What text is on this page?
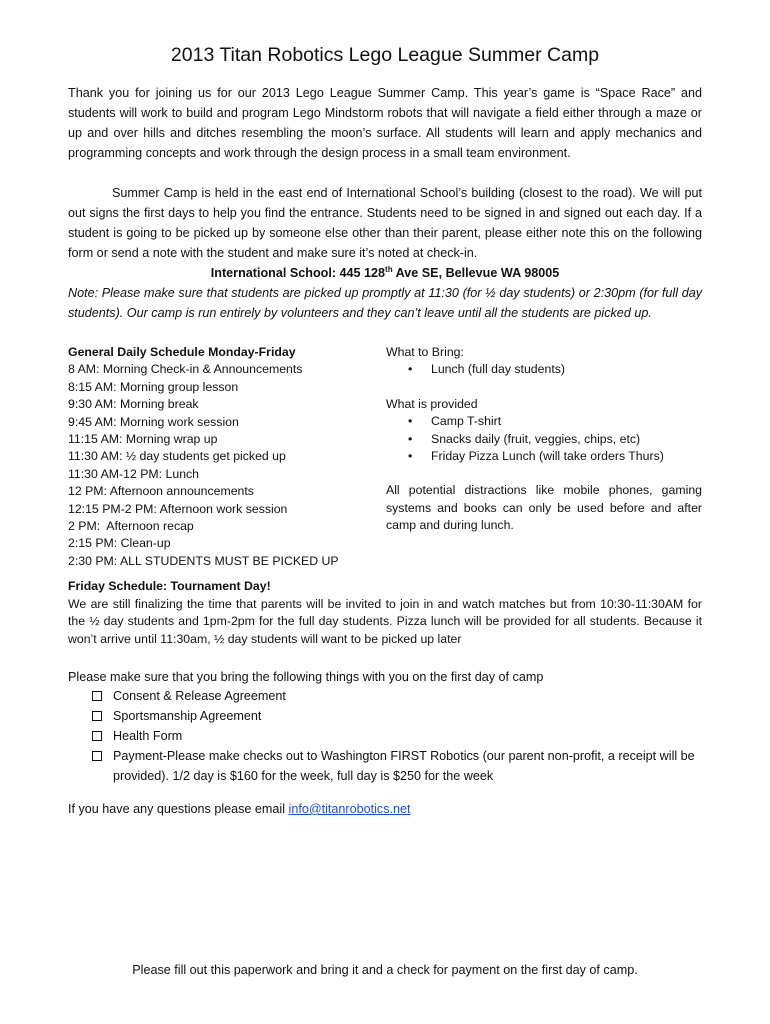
2013 Titan Robotics Lego League Summer Camp
Thank you for joining us for our 2013 Lego League Summer Camp. This year’s game is “Space Race” and students will work to build and program Lego Mindstorm robots that will navigate a field either through a maze or up and over hills and ditches resembling the moon’s surface. All students will learn and apply mechanics and programming concepts and work through the design process in a small team environment.
Summer Camp is held in the east end of International School’s building (closest to the road). We will put out signs the first days to help you find the entrance. Students need to be signed in and signed out each day. If a student is going to be picked up by someone else other than their parent, please either note this on the following form or send a note with the student and make sure it’s noted at check-in.
International School: 445 128th Ave SE, Bellevue WA 98005
Note: Please make sure that students are picked up promptly at 11:30 (for ½ day students) or 2:30pm (for full day students). Our camp is run entirely by volunteers and they can’t leave until all the students are picked up.
General Daily Schedule Monday-Friday
8 AM: Morning Check-in & Announcements
8:15 AM: Morning group lesson
9:30 AM: Morning break
9:45 AM: Morning work session
11:15 AM: Morning wrap up
11:30 AM: ½ day students get picked up
11:30 AM-12 PM: Lunch
12 PM: Afternoon announcements
12:15 PM-2 PM: Afternoon work session
2 PM:  Afternoon recap
2:15 PM: Clean-up
2:30 PM: ALL STUDENTS MUST BE PICKED UP
What to Bring:
• Lunch (full day students)
What is provided
• Camp T-shirt
• Snacks daily (fruit, veggies, chips, etc)
• Friday Pizza Lunch (will take orders Thurs)
All potential distractions like mobile phones, gaming systems and books can only be used before and after camp and during lunch.
Friday Schedule: Tournament Day!
We are still finalizing the time that parents will be invited to join in and watch matches but from 10:30-11:30AM for the ½ day students and 1pm-2pm for the full day students. Pizza lunch will be provided for all students. Because it won’t arrive until 11:30am, ½ day students will want to be picked up later
Please make sure that you bring the following things with you on the first day of camp
Consent & Release Agreement
Sportsmanship Agreement
Health Form
Payment-Please make checks out to Washington FIRST Robotics (our parent non-profit, a receipt will be provided). 1/2 day is $160 for the week, full day is $250 for the week
If you have any questions please email info@titanrobotics.net
Please fill out this paperwork and bring it and a check for payment on the first day of camp.
